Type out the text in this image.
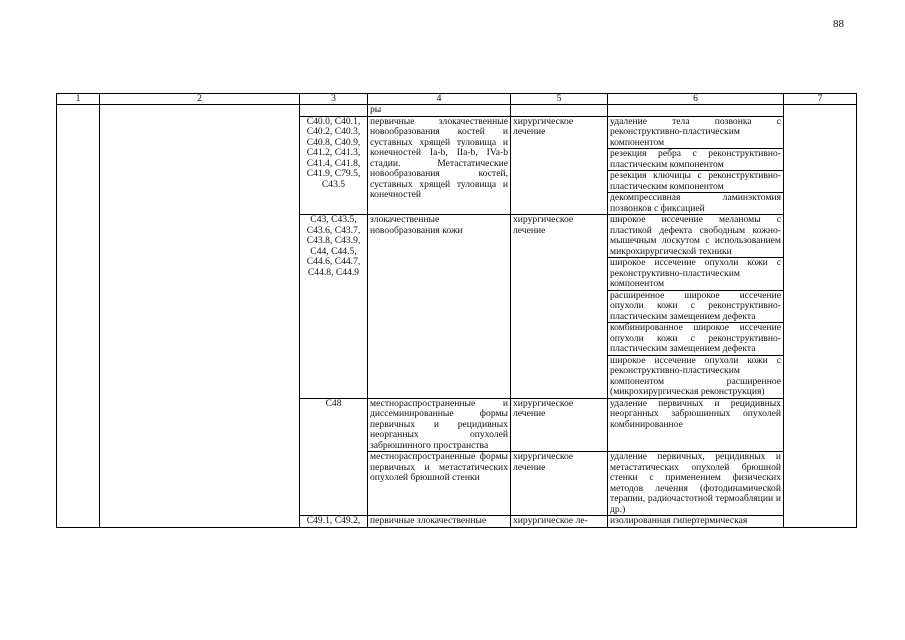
88
1	2	3	4	5	6	7
			ры			
		C40.0, C40.1, C40.2, C40.3, C40.8, C40.9, C41.2, C41.3, C41.4, C41.8, C41.9, C79.5, C43.5	первичные злокачественные новообразования костей и суставных хрящей туловища и конечностей Ia-b, IIa-b, IVa-b стадии. Метастатические новообразования костей, суставных хрящей туловища и конечностей	хирургическое лечение	удаление тела позвонка с реконструктивно-пластическим компонентом	
					резекция ребра с реконструктивно-пластическим компонентом	
					резекция ключицы с реконструктивно-пластическим компонентом	
					декомпрессивная ламинэктомия позвонков с фиксацией	
		C43, C43.5, C43.6, C43.7, C43.8, C43.9, C44, C44.5, C44.6, C44.7, C44.8, C44.9	злокачественные новообразования кожи	хирургическое лечение	широкое иссечение меланомы с пластикой дефекта свободным кожно-мышечным лоскутом с использованием микрохирургической техники	
					широкое иссечение опухоли кожи с реконструктивно-пластическим компонентом	
					расширенное широкое иссечение опухоли кожи с реконструктивно-пластическим замещением дефекта	
					комбинированное широкое иссечение опухоли кожи с реконструктивно-пластическим замещением дефекта	
					широкое иссечение опухоли кожи с реконструктивно-пластическим компонентом расширенное (микрохирургическая реконструкция)	
		C48	местнораспространенные и диссеминированные формы первичных и рецидивных неорганных опухолей забрюшинного пространства	хирургическое лечение	удаление первичных и рецидивных неорганных забрюшинных опухолей комбинированное	
			местнораспространенные формы первичных и метастатических опухолей брюшной стенки	хирургическое лечение	удаление первичных, рецидивных и метастатических опухолей брюшной стенки с применением физических методов лечения (фотодинамической терапии, радиочастотной термоабляции и др.)	
		C49.1, C49.2,	первичные злокачественные	хирургическое ле-	изолированная гипертермическая	
